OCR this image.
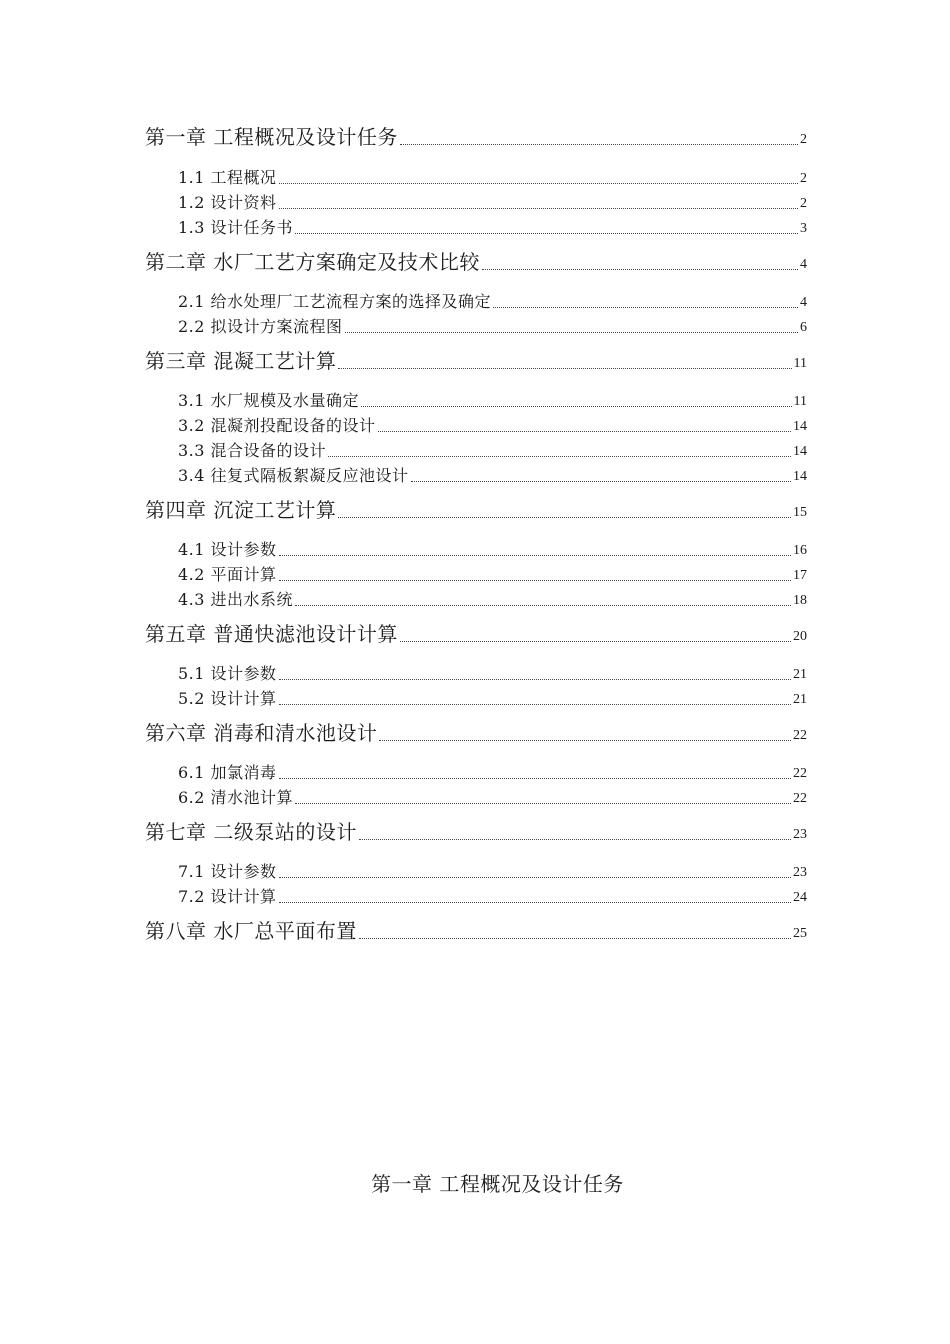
第一章 工程概况及设计任务	2
1.1 工程概况	2
1.2 设计资料	2
1.3 设计任务书	3
第二章 水厂工艺方案确定及技术比较	4
2.1 给水处理厂工艺流程方案的选择及确定	4
2.2 拟设计方案流程图	6
第三章 混凝工艺计算	11
3.1 水厂规模及水量确定	11
3.2 混凝剂投配设备的设计	14
3.3 混合设备的设计	14
3.4 往复式隔板絮凝反应池设计	14
第四章 沉淀工艺计算	15
4.1 设计参数	16
4.2 平面计算	17
4.3 进出水系统	18
第五章 普通快滤池设计计算	20
5.1 设计参数	21
5.2 设计计算	21
第六章 消毒和清水池设计	22
6.1 加氯消毒	22
6.2 清水池计算	22
第七章 二级泵站的设计	23
7.1 设计参数	23
7.2 设计计算	24
第八章 水厂总平面布置	25
第一章 工程概况及设计任务
